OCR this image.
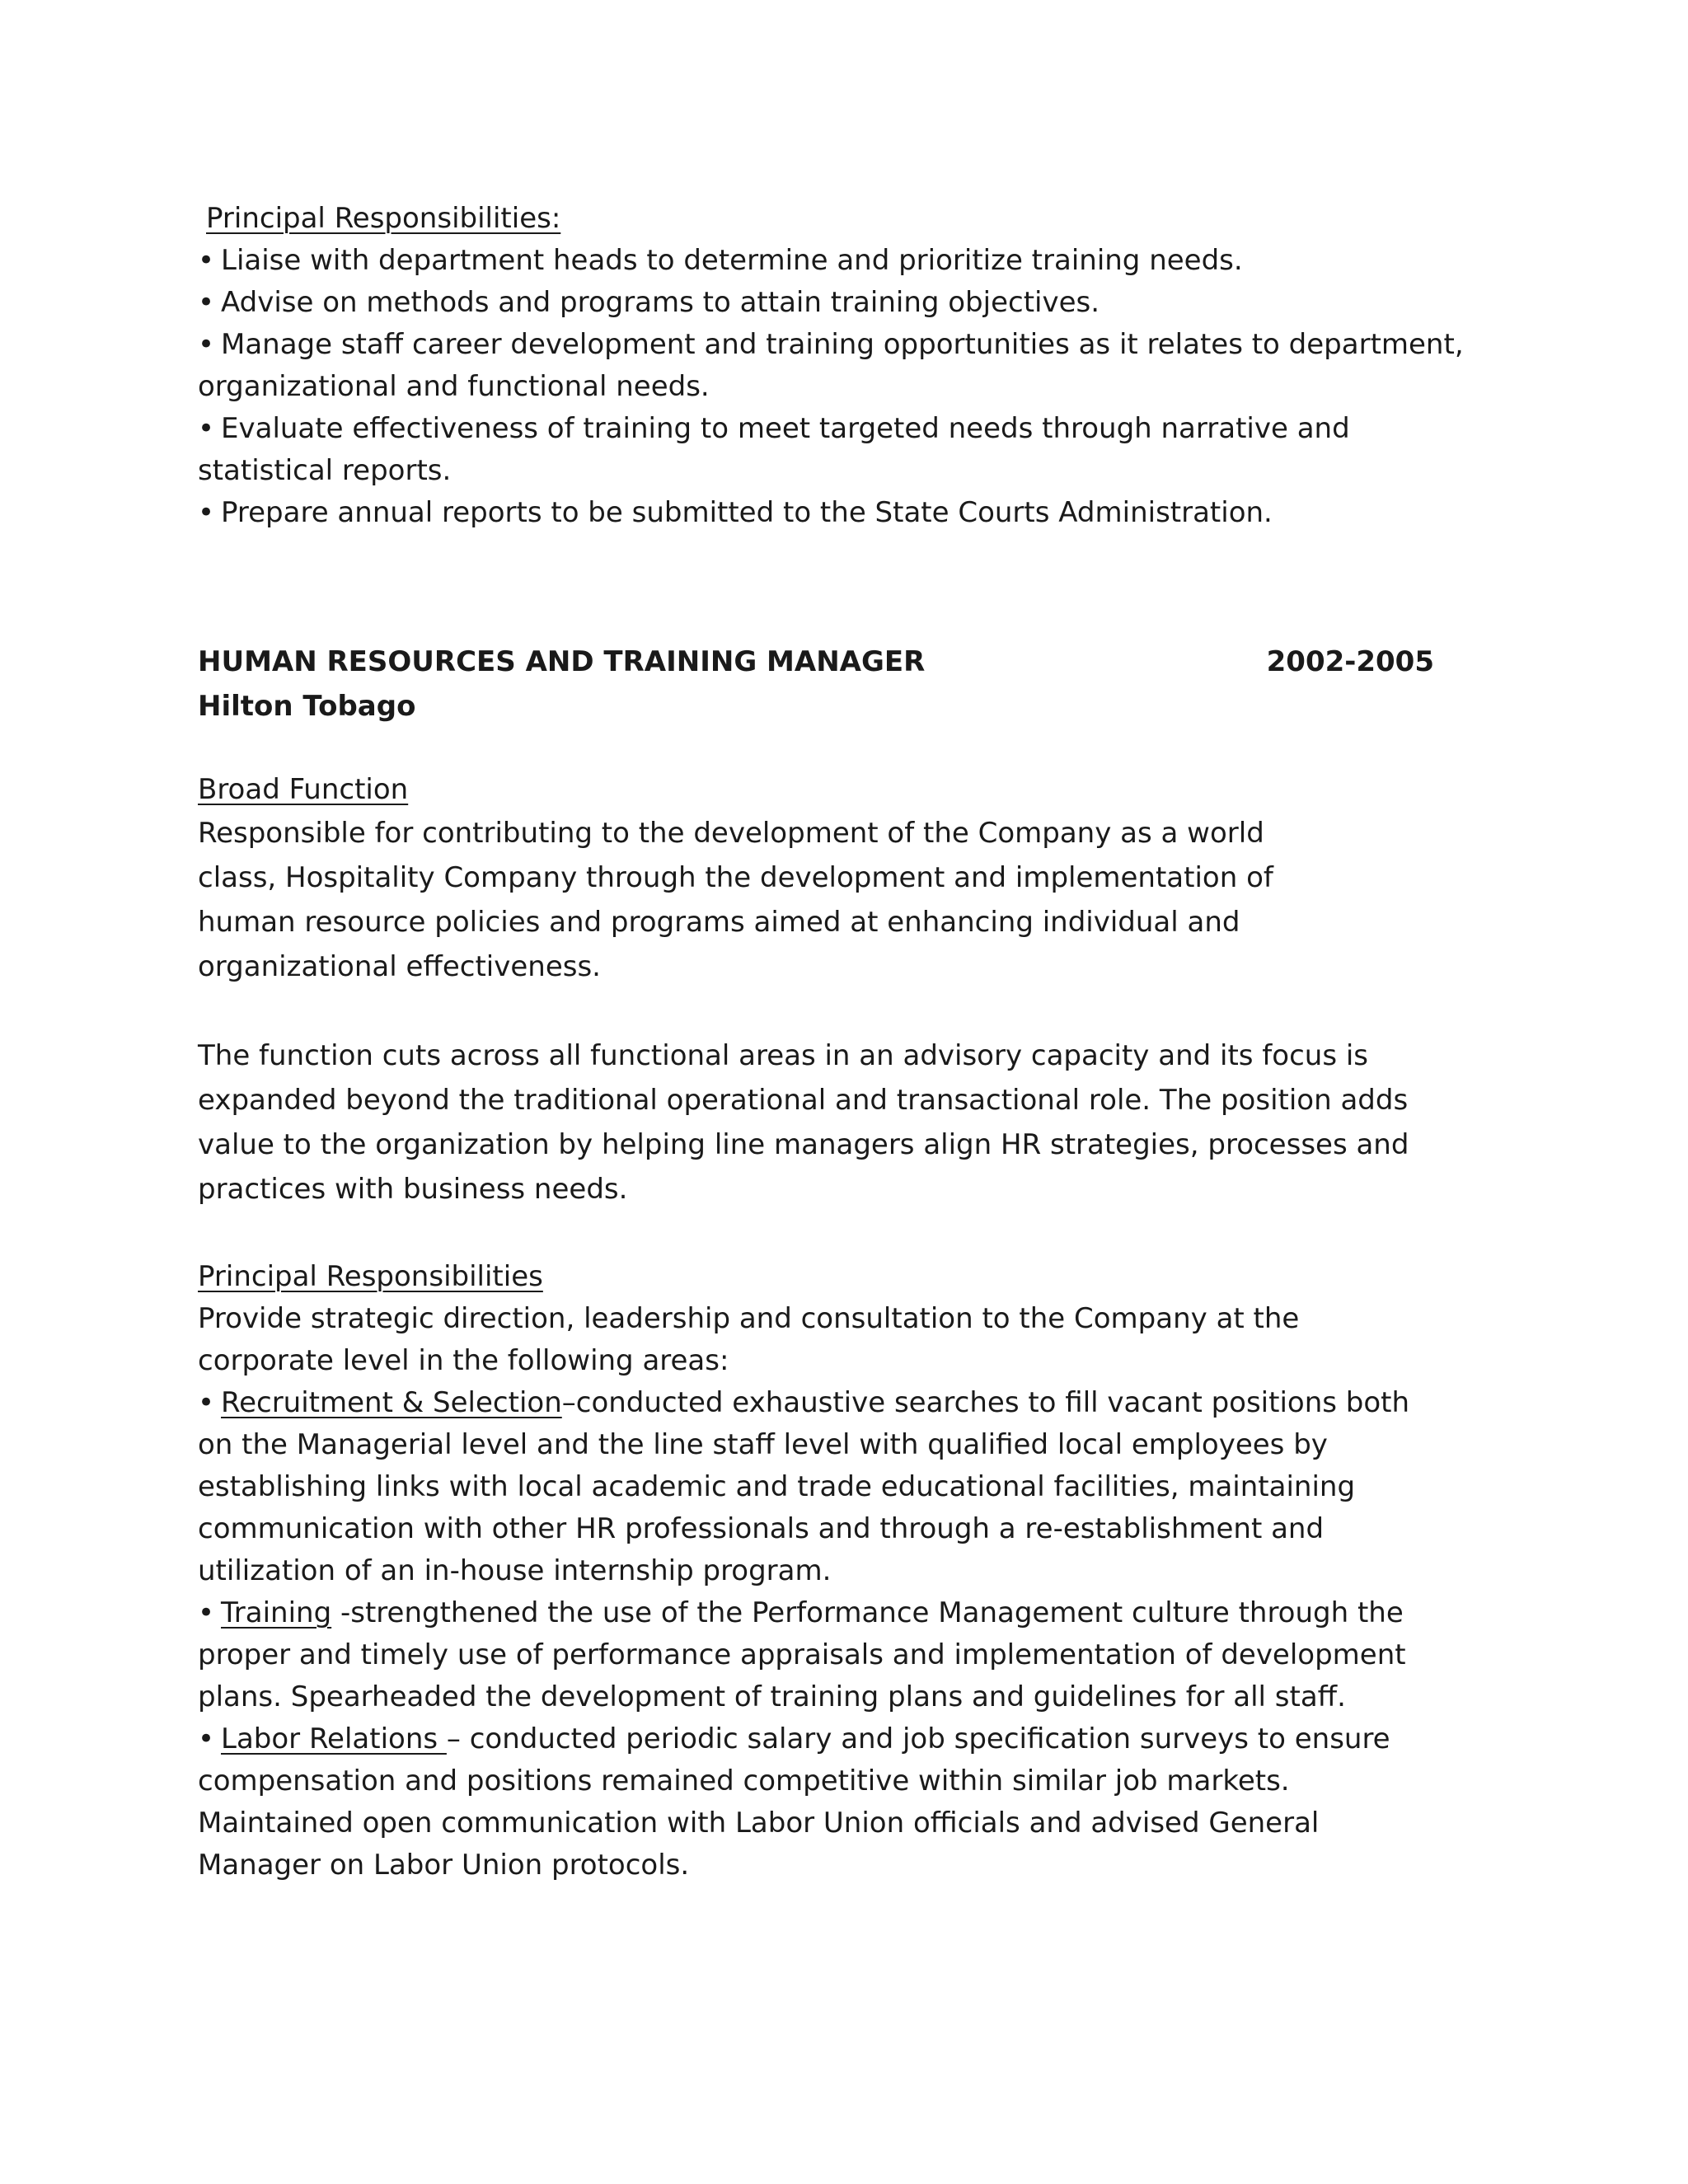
Principal Responsibilities:

• Liaise with department heads to determine and prioritize training needs.

• Advise on methods and programs to attain training objectives.

• Manage staff career development and training opportunities as it relates to department, organizational and functional needs.

• Evaluate effectiveness of training to meet targeted needs through narrative and statistical reports.

• Prepare annual reports to be submitted to the State Courts Administration.

HUMAN RESOURCES AND TRAINING MANAGER	2002-2005

Hilton Tobago

Broad Function

Responsible for contributing to the development of the Company as a world class, Hospitality Company through the development and implementation of human resource policies and programs aimed at enhancing individual and organizational effectiveness.

The function cuts across all functional areas in an advisory capacity and its focus is expanded beyond the traditional operational and transactional role. The position adds value to the organization by helping line managers align HR strategies, processes and practices with business needs.

Principal Responsibilities

Provide strategic direction, leadership and consultation to the Company at the corporate level in the following areas:

• Recruitment & Selection–conducted exhaustive searches to fill vacant positions both on the Managerial level and the line staff level with qualified local employees by establishing links with local academic and trade educational facilities, maintaining communication with other HR professionals and through a re-establishment and utilization of an in-house internship program.

• Training -strengthened the use of the Performance Management culture through the proper and timely use of performance appraisals and implementation of development plans. Spearheaded the development of training plans and guidelines for all staff.

• Labor Relations – conducted periodic salary and job specification surveys to ensure compensation and positions remained competitive within similar job markets. Maintained open communication with Labor Union officials and advised General Manager on Labor Union protocols.
